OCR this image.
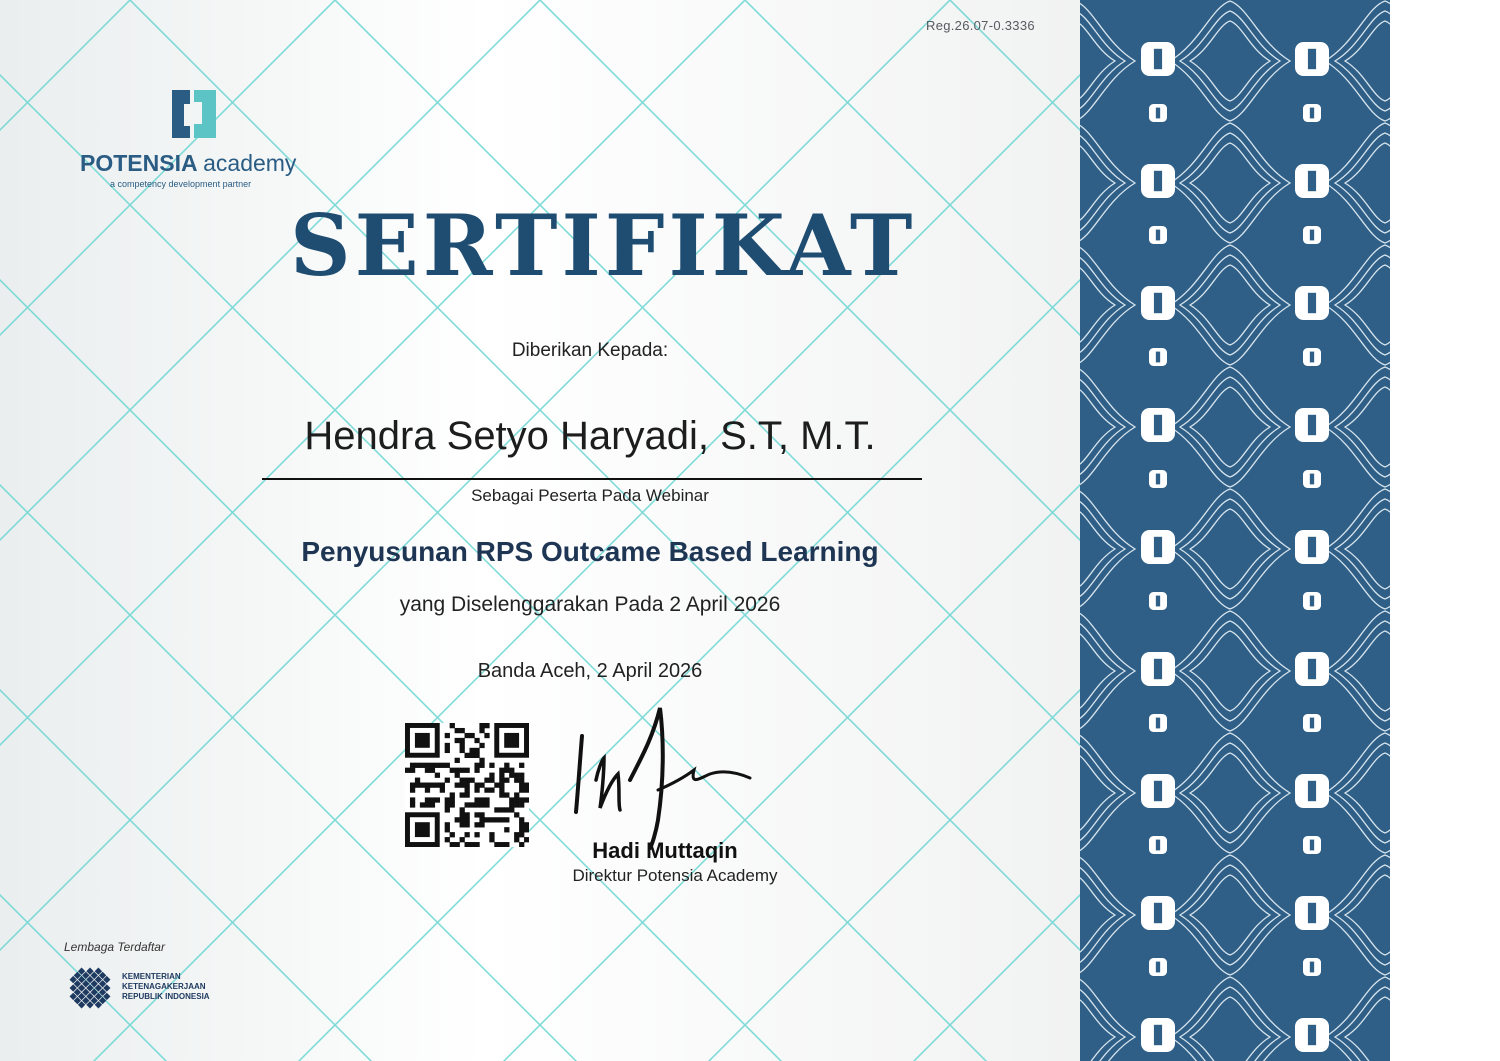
Reg.26.07-0.3336
POTENSIA academy
a competency development partner
SERTIFIKAT
Diberikan Kepada:
Hendra Setyo Haryadi, S.T, M.T.
Sebagai Peserta Pada Webinar
Penyusunan RPS Outcame Based Learning
yang Diselenggarakan Pada 2 April 2026
Banda Aceh, 2 April 2026
Hadi Muttaqin
Direktur Potensia Academy
Lembaga Terdaftar
KEMENTERIAN
KETENAGAKERJAAN
REPUBLIK INDONESIA
